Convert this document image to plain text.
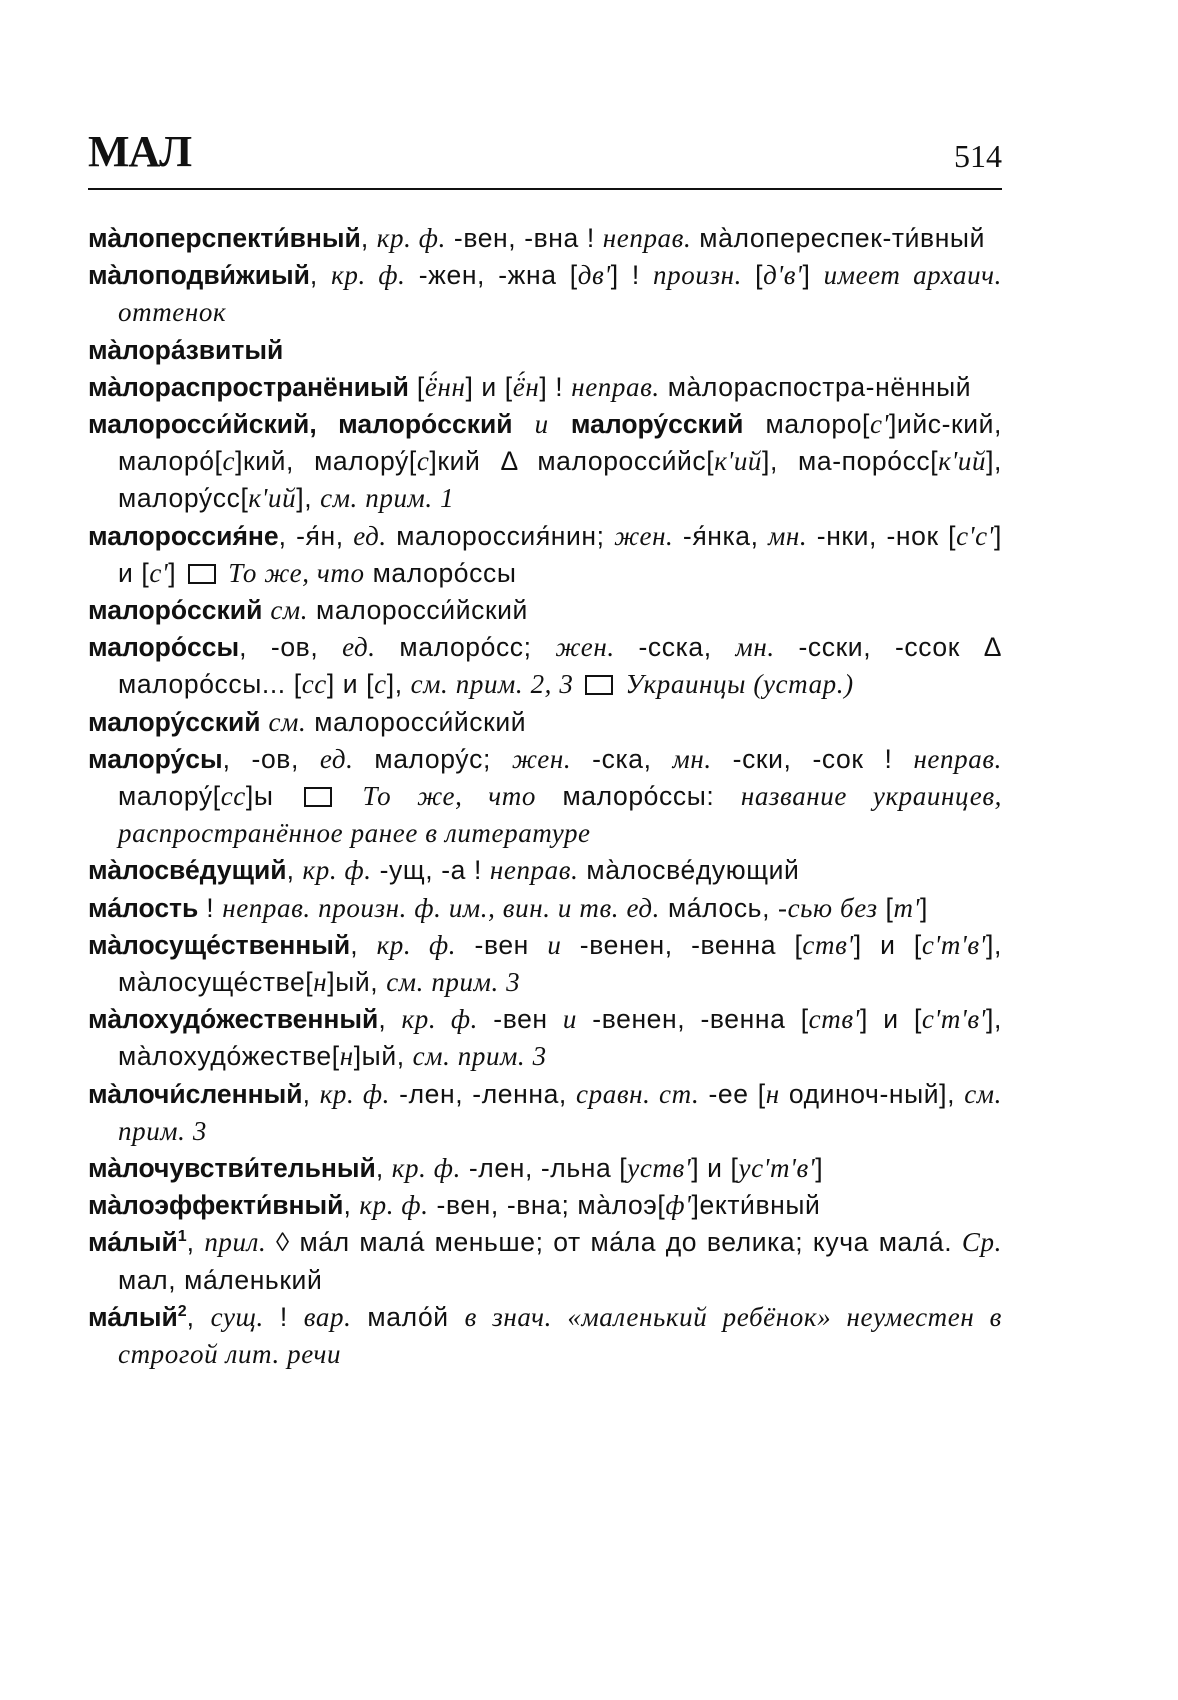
МАЛ	514
ма̀лоперспекти́вный, кр. ф. -вен, -вна ! неправ. ма̀лопереспек-ти́вный
ма̀лоподви́жиый, кр. ф. -жен, -жна [дв'] ! произн. [д'в'] имеет архаич. оттенок
ма̀лора́звитый
ма̀лораспространёниый [ё́нн] и [ё́н] ! неправ. ма̀лораспостра-нённый
малоросси́йский, малоро́сский и малору́сский малоро[с']ийс-кий, малоро́[с]кий, малору́[с]кий Δ малоросси́йс[к'ий], ма-поро́сс[к'ий], малору́сс[к'ий], см. прим. 1
малороссия́не, -я́н, ед. малороссия́нин; жен. -я́нка, мн. -нки, -нок [с'с'] и [с']  То же, что малоро́ссы
малоро́сский см. малоросси́йский
малоро́ссы, -ов, ед. малоро́сс; жен. -сска, мн. -сски, -ссок Δ малоро́ссы... [сс] и [с], см. прим. 2, 3 Украинцы (устар.)
малору́сский см. малоросси́йский
малору́сы, -ов, ед. малору́с; жен. -ска, мн. -ски, -сок ! неправ. малору́[сс]ы  То же, что малоро́ссы: название украинцев, распространённое ранее в литературе
ма̀лосве́дущий, кр. ф. -ущ, -а ! неправ. ма̀лосве́дующий
ма́лость ! неправ. произн. ф. им., вин. и тв. ед. ма́лось, -сью без [т']
ма̀лосуще́ственный, кр. ф. -вен и -венен, -венна [ств'] и [с'т'в'], ма̀лосуще́стве[н]ый, см. прим. 3
ма̀лохудо́жественный, кр. ф. -вен и -венен, -венна [ств'] и [с'т'в'], ма̀лохудо́жестве[н]ый, см. прим. 3
ма̀лочи́сленный, кр. ф. -лен, -ленна, сравн. ст. -ее [н одиноч-ный], см. прим. 3
ма̀лочувстви́тельный, кр. ф. -лен, -льна [уств'] и [ус'т'в']
ма̀лоэффекти́вный, кр. ф. -вен, -вна; ма̀лоэ[ф']екти́вный
ма́лый$^1$, прил. ◊ ма́л мала́ меньше; от ма́ла до велика; куча мала́. Ср. мал, ма́ленький
ма́лый$^2$, сущ. ! вар. мало́й в знач. «маленький ребёнок» неуместен в строгой лит. речи
